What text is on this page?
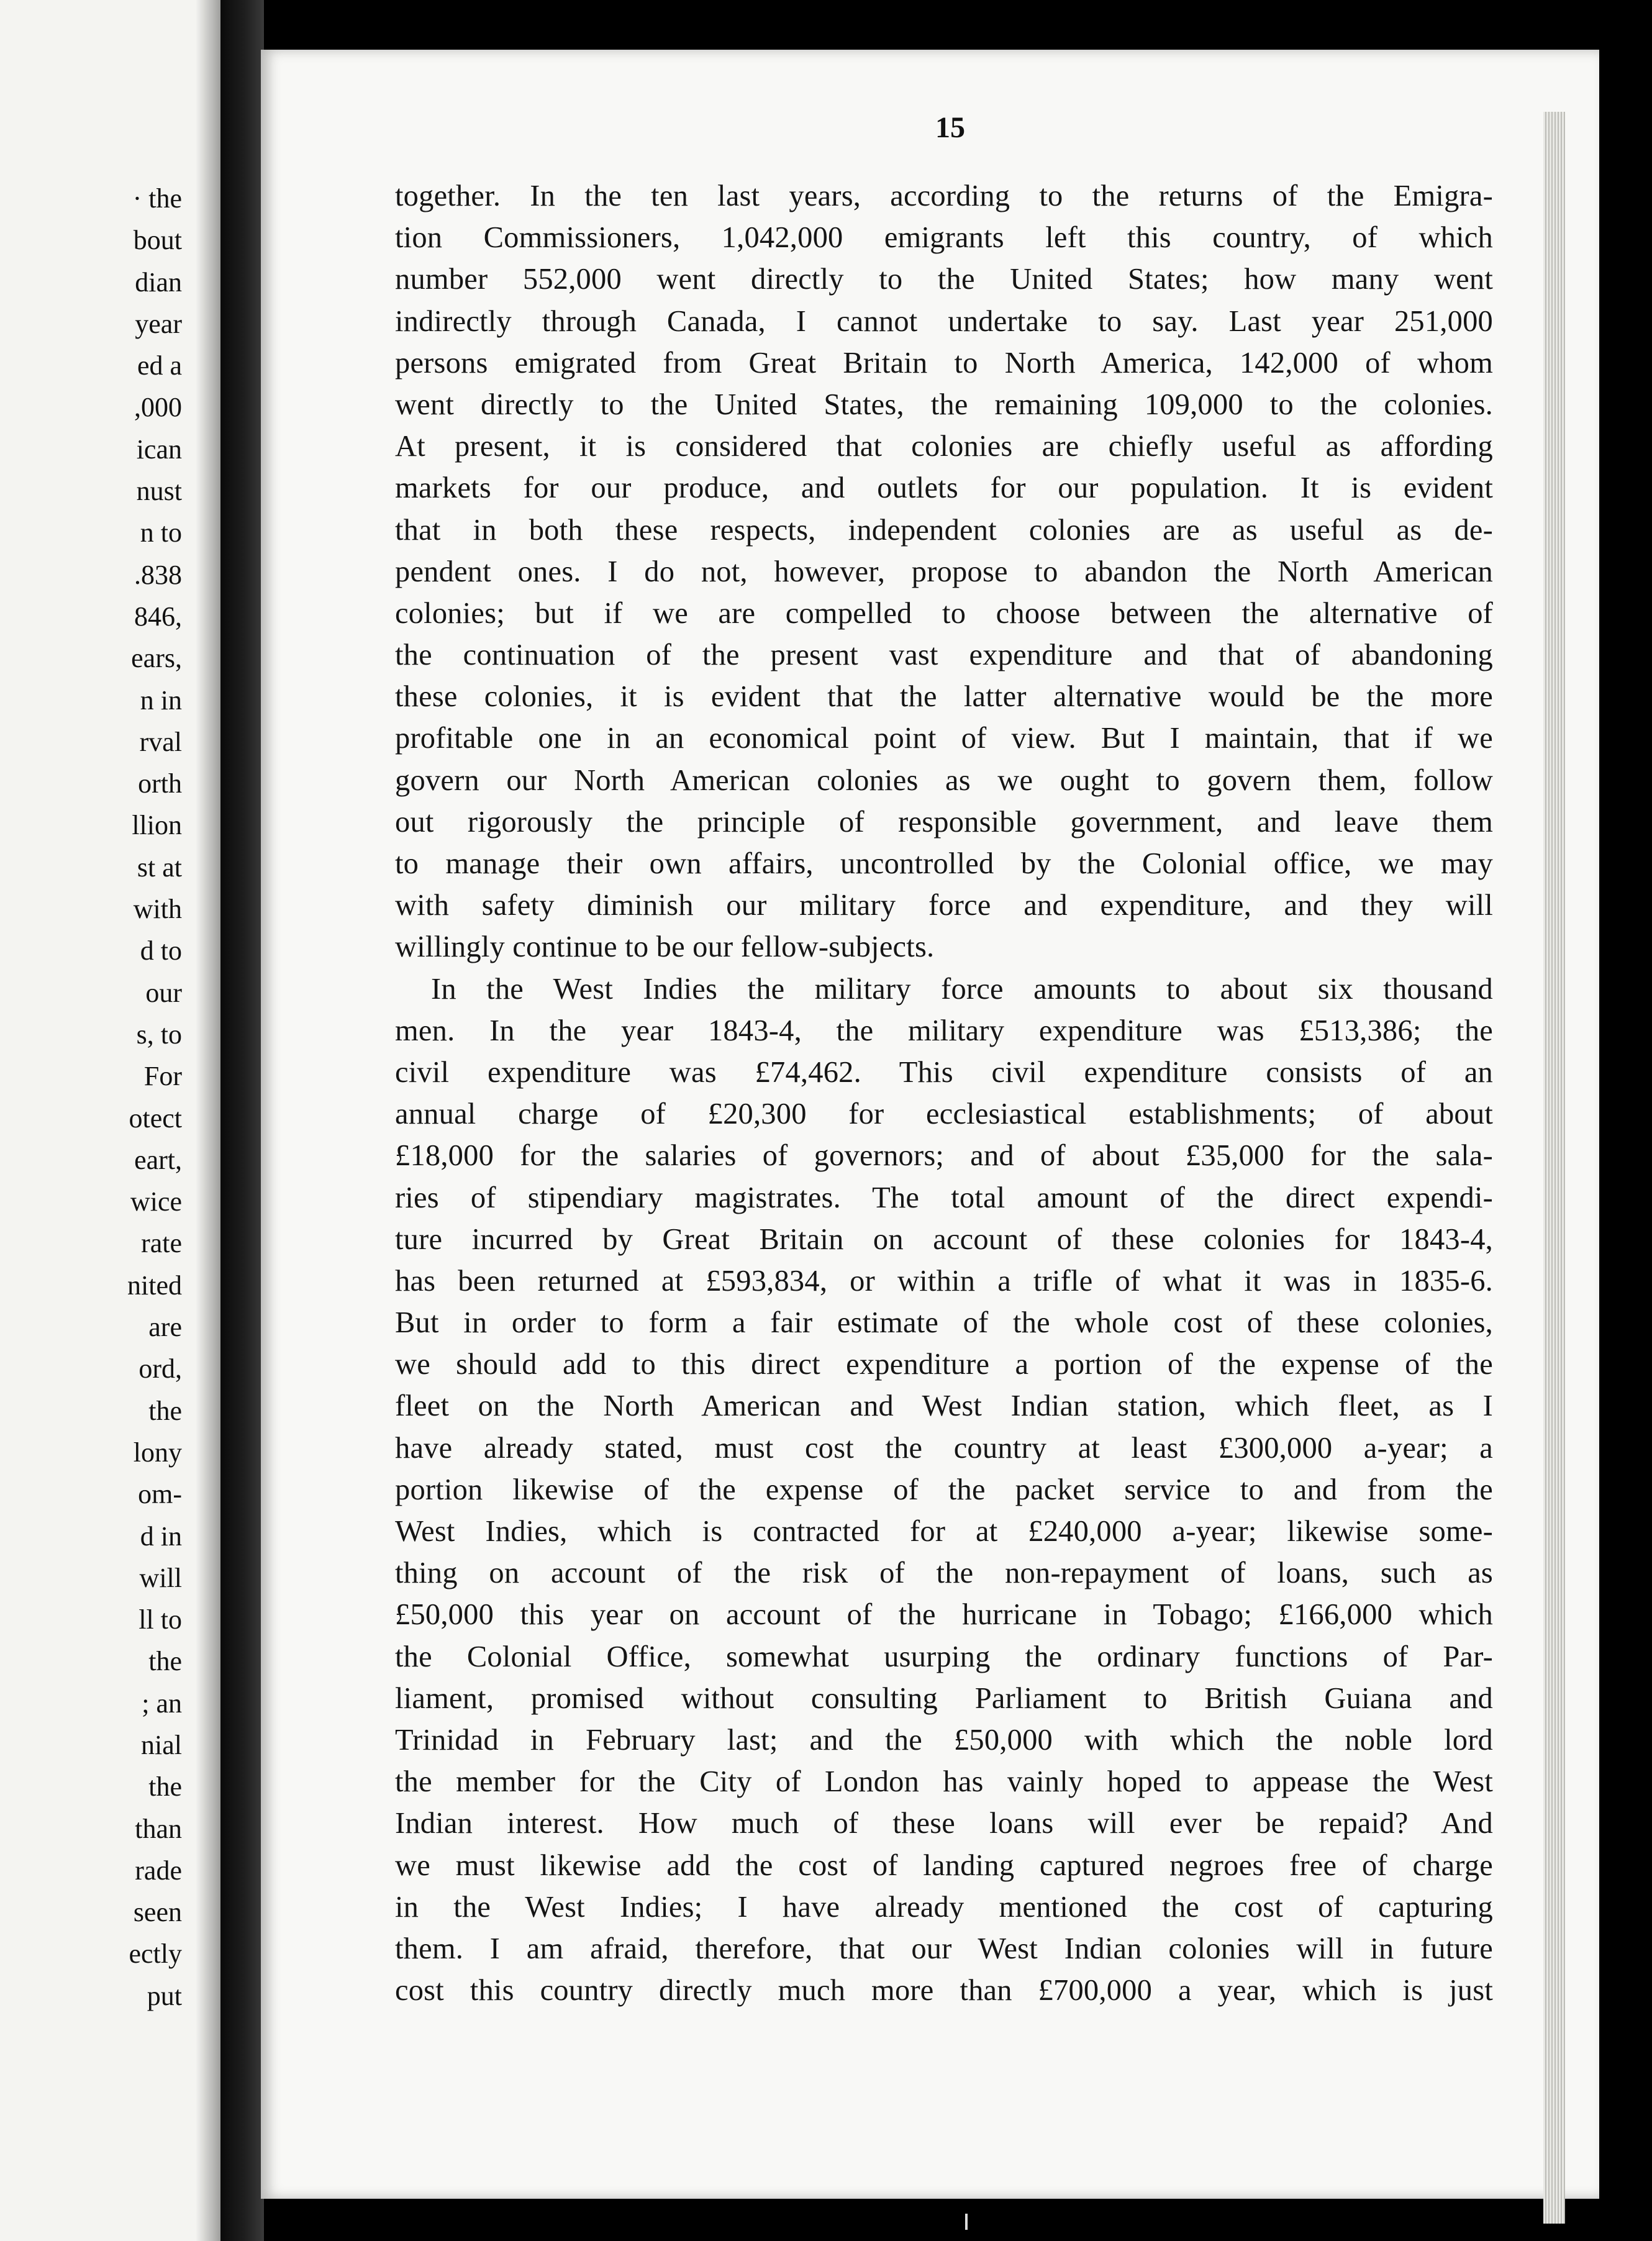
· the
bout
dian
year
ed a
,000
ican
nust
n to
.838
846,
ears,
n in
rval
orth
llion
st at
with
d to
our
s, to
For
otect
eart,
wice
rate
nited
are
ord,
the
lony
om-
d in
will
ll to
the
; an
nial
the
than
rade
seen
ectly
put
15
together. In the ten last years, according to the returns of the Emigra-
tion Commissioners, 1,042,000 emigrants left this country, of which
number 552,000 went directly to the United States; how many went
indirectly through Canada, I cannot undertake to say. Last year 251,000
persons emigrated from Great Britain to North America, 142,000 of whom
went directly to the United States, the remaining 109,000 to the colonies.
At present, it is considered that colonies are chiefly useful as affording
markets for our produce, and outlets for our population. It is evident
that in both these respects, independent colonies are as useful as de-
pendent ones. I do not, however, propose to abandon the North American
colonies; but if we are compelled to choose between the alternative of
the continuation of the present vast expenditure and that of abandoning
these colonies, it is evident that the latter alternative would be the more
profitable one in an economical point of view. But I maintain, that if we
govern our North American colonies as we ought to govern them, follow
out rigorously the principle of responsible government, and leave them
to manage their own affairs, uncontrolled by the Colonial office, we may
with safety diminish our military force and expenditure, and they will
willingly continue to be our fellow-subjects.
In the West Indies the military force amounts to about six thousand
men. In the year 1843-4, the military expenditure was £513,386; the
civil expenditure was £74,462. This civil expenditure consists of an
annual charge of £20,300 for ecclesiastical establishments; of about
£18,000 for the salaries of governors; and of about £35,000 for the sala-
ries of stipendiary magistrates. The total amount of the direct expendi-
ture incurred by Great Britain on account of these colonies for 1843-4,
has been returned at £593,834, or within a trifle of what it was in 1835-6.
But in order to form a fair estimate of the whole cost of these colonies,
we should add to this direct expenditure a portion of the expense of the
fleet on the North American and West Indian station, which fleet, as I
have already stated, must cost the country at least £300,000 a-year; a
portion likewise of the expense of the packet service to and from the
West Indies, which is contracted for at £240,000 a-year; likewise some-
thing on account of the risk of the non-repayment of loans, such as
£50,000 this year on account of the hurricane in Tobago; £166,000 which
the Colonial Office, somewhat usurping the ordinary functions of Par-
liament, promised without consulting Parliament to British Guiana and
Trinidad in February last; and the £50,000 with which the noble lord
the member for the City of London has vainly hoped to appease the West
Indian interest. How much of these loans will ever be repaid? And
we must likewise add the cost of landing captured negroes free of charge
in the West Indies; I have already mentioned the cost of capturing
them. I am afraid, therefore, that our West Indian colonies will in future
cost this country directly much more than £700,000 a year, which is just
